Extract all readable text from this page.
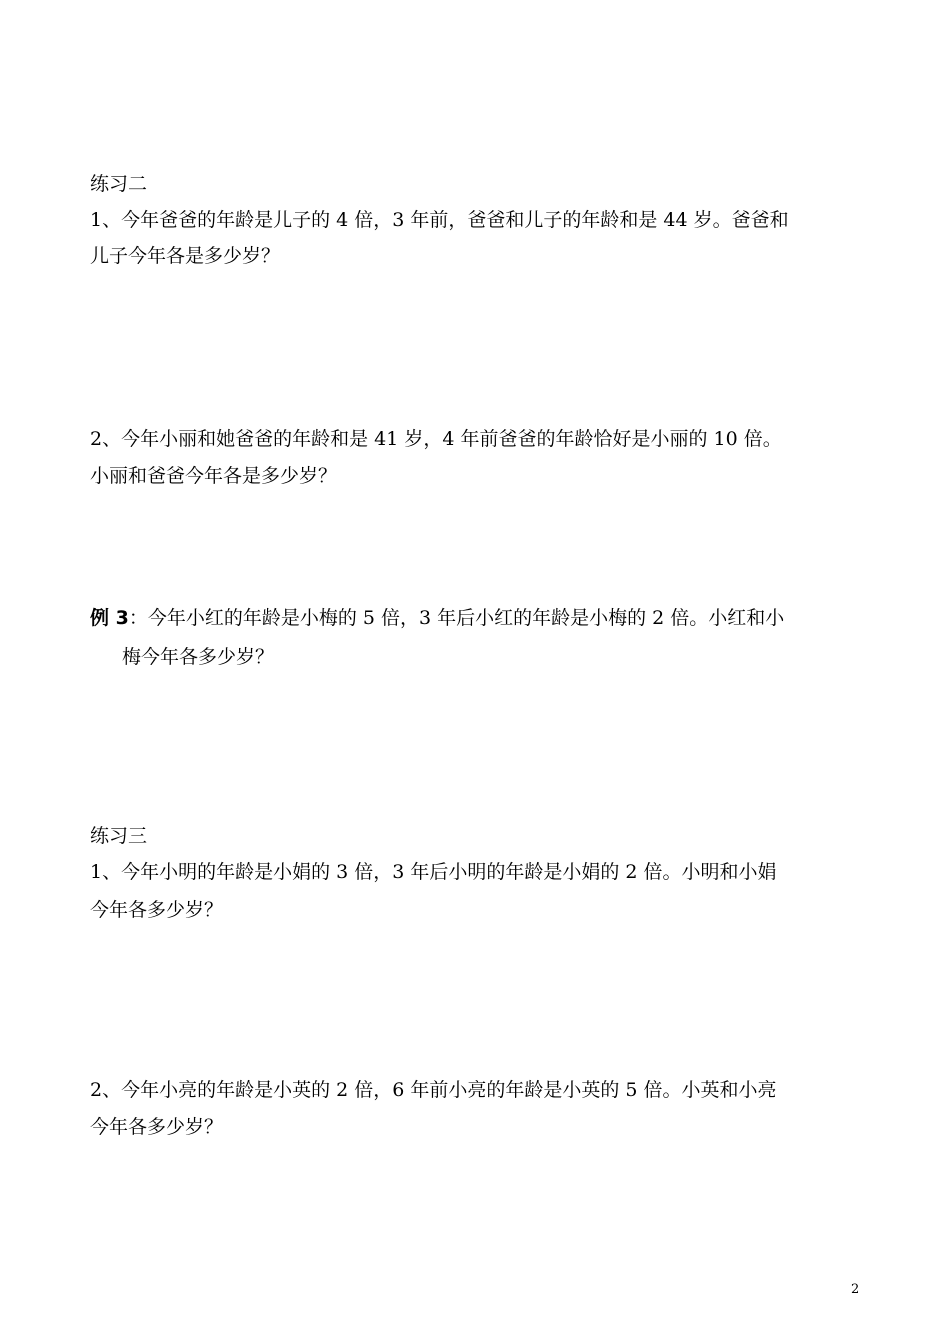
练习二
1、今年爸爸的年龄是儿子的 4 倍，3 年前，爸爸和儿子的年龄和是 44 岁。爸爸和
儿子今年各是多少岁？
2、今年小丽和她爸爸的年龄和是 41 岁，4 年前爸爸的年龄恰好是小丽的 10 倍。
小丽和爸爸今年各是多少岁？
例 3：今年小红的年龄是小梅的 5 倍，3 年后小红的年龄是小梅的 2 倍。小红和小
梅今年各多少岁？
练习三
1、今年小明的年龄是小娟的 3 倍，3 年后小明的年龄是小娟的 2 倍。小明和小娟
今年各多少岁？
2、今年小亮的年龄是小英的 2 倍，6 年前小亮的年龄是小英的 5 倍。小英和小亮
今年各多少岁？
2
